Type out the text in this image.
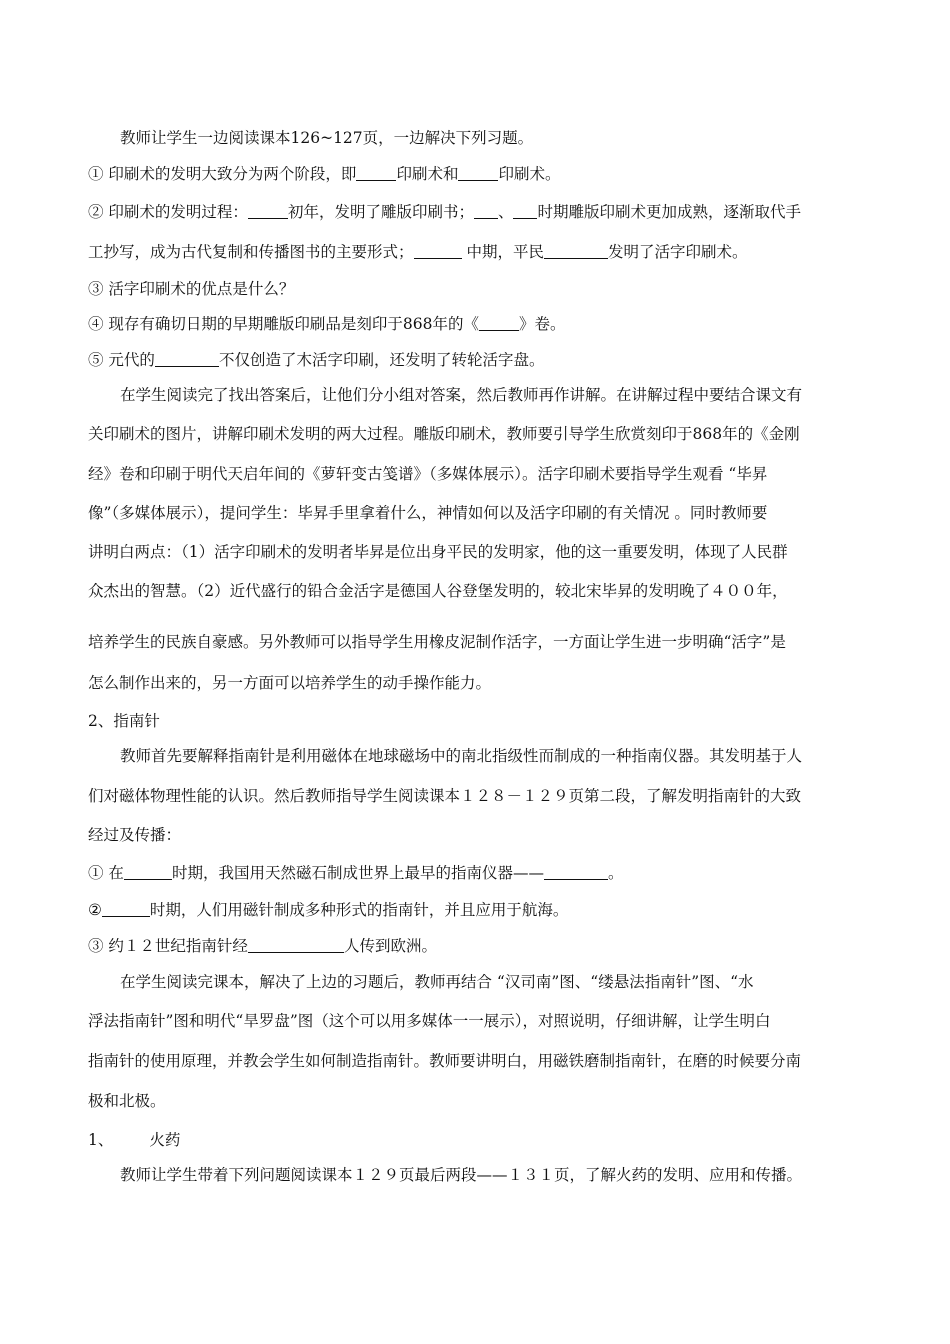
教师让学生一边阅读课本126~127页，一边解决下列习题。
① 印刷术的发明大致分为两个阶段，即	印刷术和	印刷术。
② 印刷术的发明过程：	初年，发明了雕版印刷书； 、 时期雕版印刷术更加成熟，逐渐取代手
工抄写，成为古代复制和传播图书的主要形式；	中期，平民	发明了活字印刷术。
③ 活字印刷术的优点是什么？
④ 现存有确切日期的早期雕版印刷品是刻印于868年的《	》卷。
⑤ 元代的	不仅创造了木活字印刷，还发明了转轮活字盘。
在学生阅读完了找出答案后，让他们分小组对答案，然后教师再作讲解。在讲解过程中要结合课文有
关印刷术的图片，讲解印刷术发明的两大过程。雕版印刷术，教师要引导学生欣赏刻印于868年的《金刚
经》卷和印刷于明代天启年间的《萝轩变古笺谱》（多媒体展示）。活字印刷术要指导学生观看 “毕昇
像”（多媒体展示），提问学生：毕昇手里拿着什么，神情如何以及活字印刷的有关情况 。同时教师要
讲明白两点：（1）活字印刷术的发明者毕昇是位出身平民的发明家，他的这一重要发明，体现了人民群
众杰出的智慧。（2）近代盛行的铅合金活字是德国人谷登堡发明的，较北宋毕昇的发明晚了４００年，
培养学生的民族自豪感。另外教师可以指导学生用橡皮泥制作活字，一方面让学生进一步明确“活字”是
怎么制作出来的，另一方面可以培养学生的动手操作能力。
2、指南针
教师首先要解释指南针是利用磁体在地球磁场中的南北指级性而制成的一种指南仪器。其发明基于人
们对磁体物理性能的认识。然后教师指导学生阅读课本１２８－１２９页第二段，了解发明指南针的大致
经过及传播：
① 在	时期，我国用天然磁石制成世界上最早的指南仪器——	。
②	时期，人们用磁针制成多种形式的指南针，并且应用于航海。
③ 约１２世纪指南针经	人传到欧洲。
在学生阅读完课本，解决了上边的习题后，教师再结合 “汉司南”图、“缕悬法指南针”图、“水
浮法指南针”图和明代“旱罗盘”图（这个可以用多媒体一一展示），对照说明，仔细讲解，让学生明白
指南针的使用原理，并教会学生如何制造指南针。教师要讲明白，用磁铁磨制指南针，在磨的时候要分南
极和北极。
1、 火药
教师让学生带着下列问题阅读课本１２９页最后两段——１３１页，了解火药的发明、应用和传播。
